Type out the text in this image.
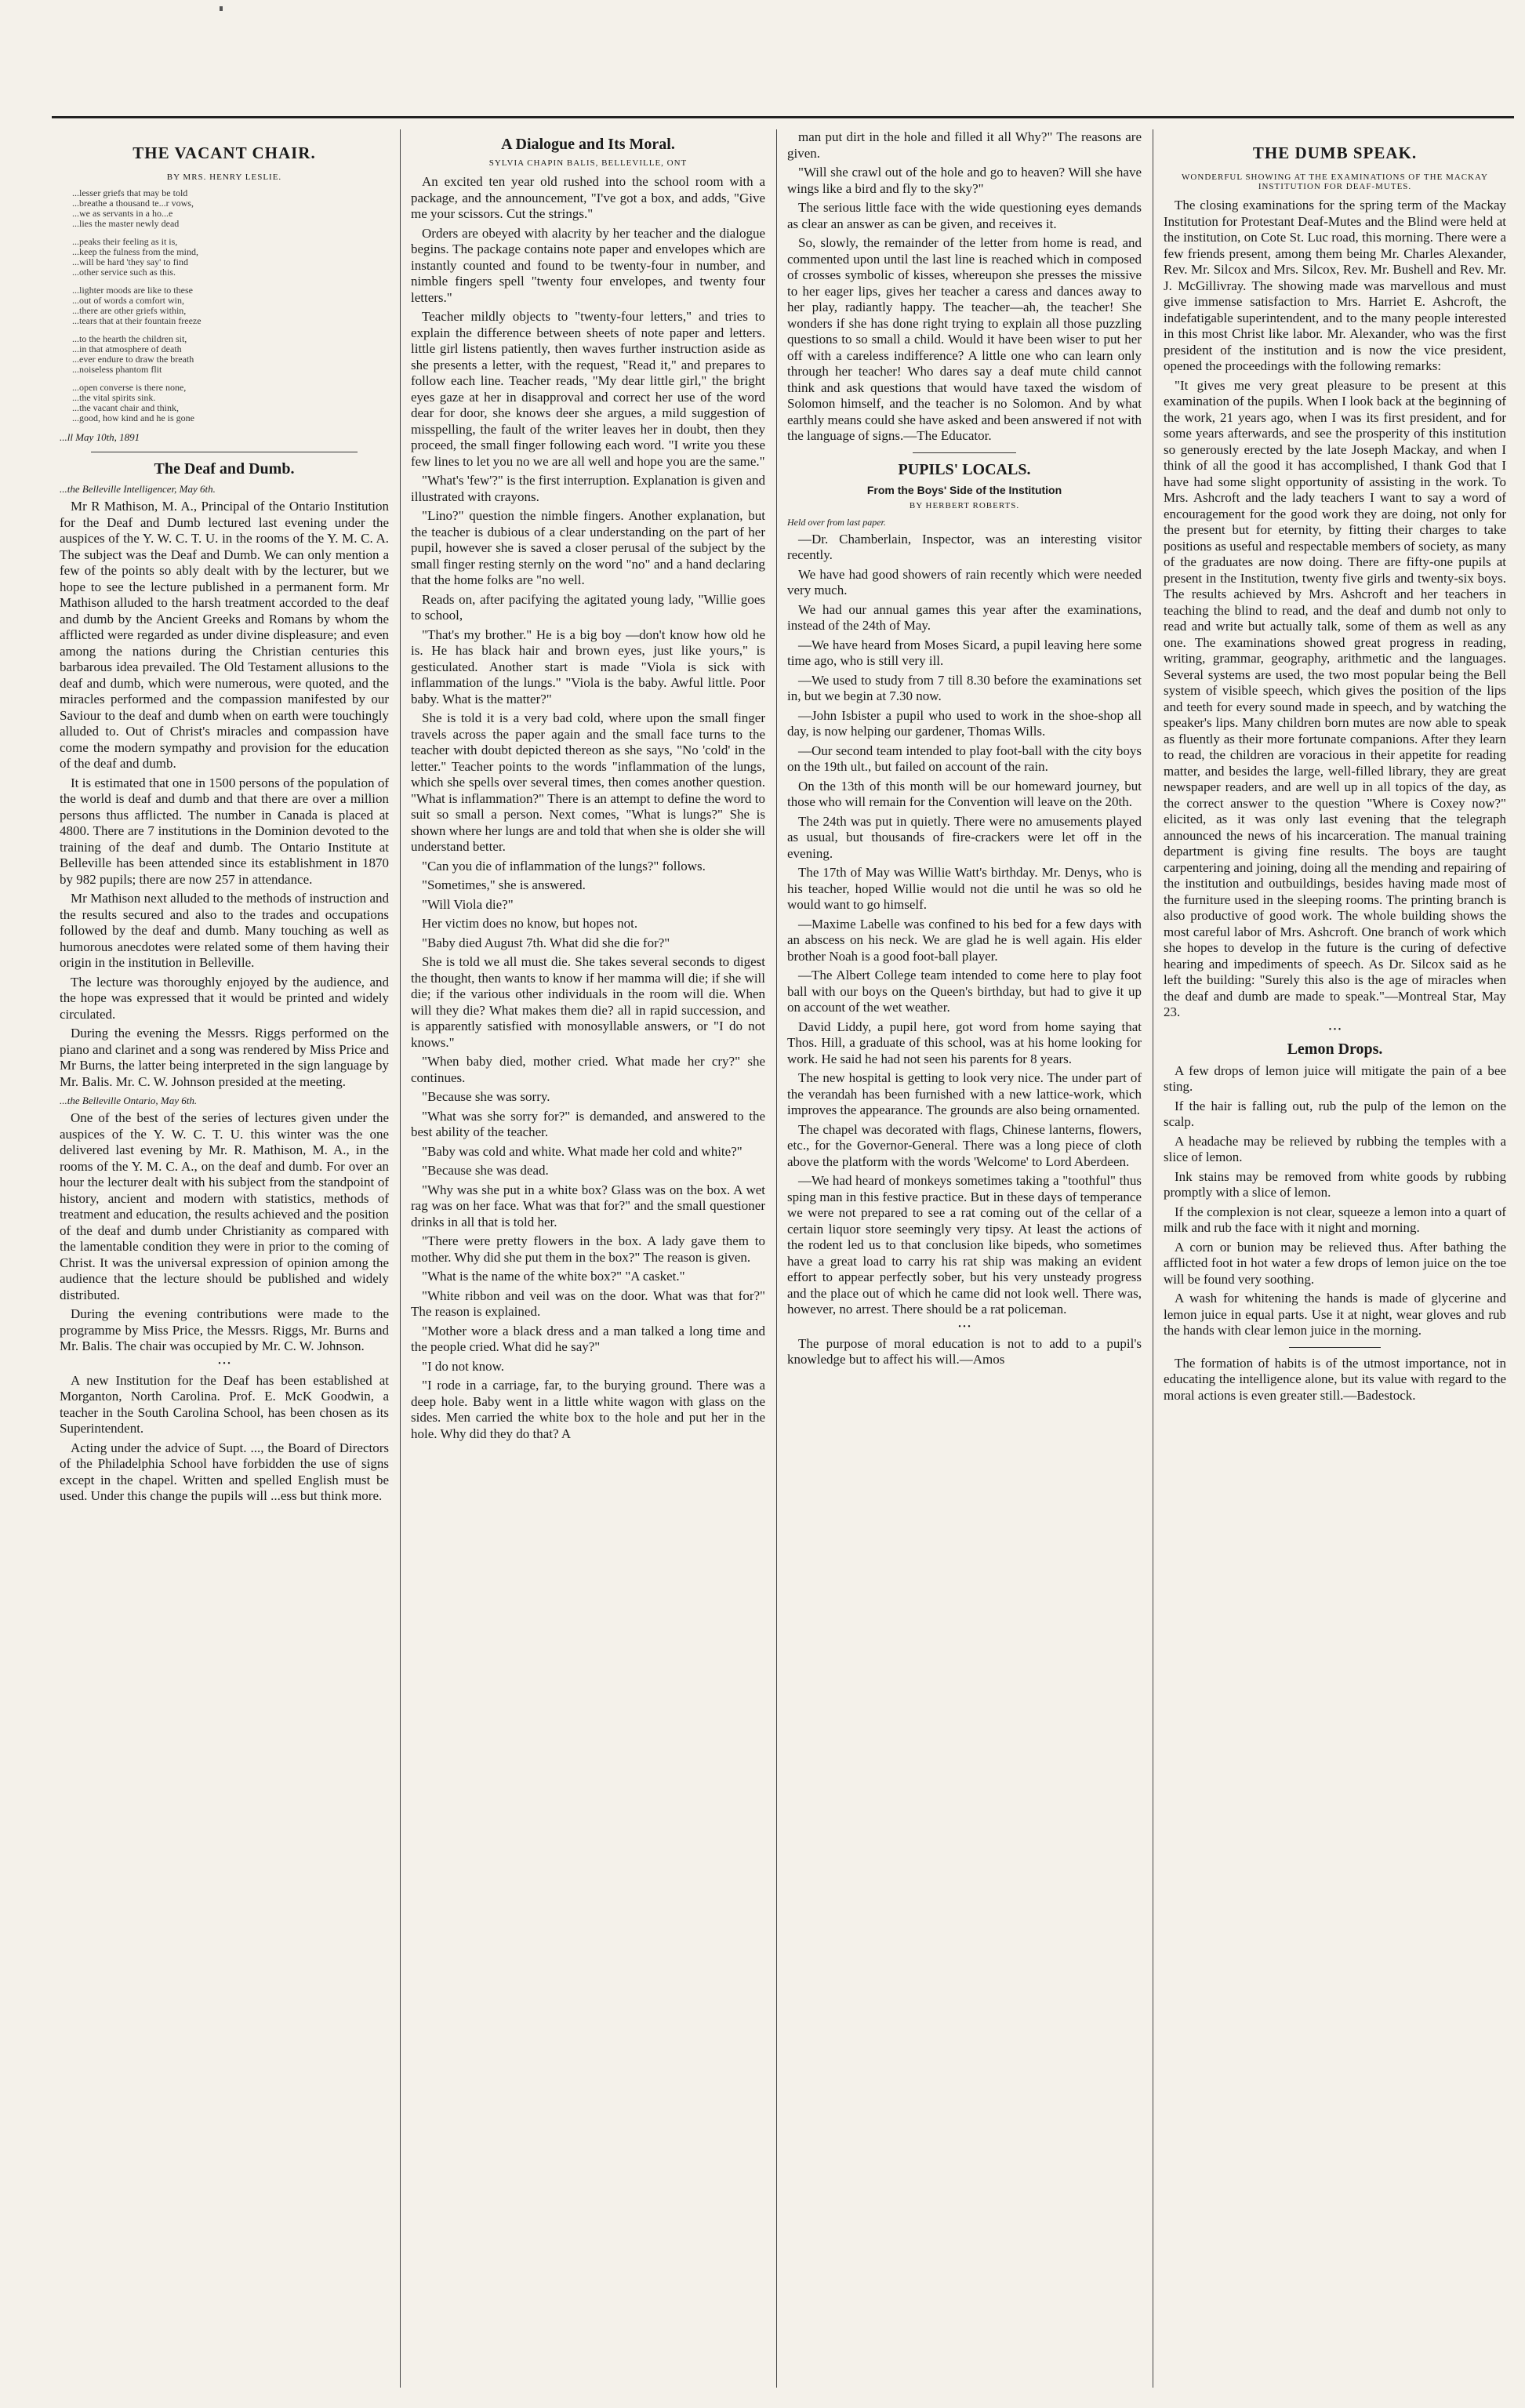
THE VACANT CHAIR.
BY MRS. HENRY LESLIE.
...lesser griefs that may be told
...breathe a thousand te...r vows,
...we as servants in a ho...e
...lies the master newly dead
...peaks their feeling as it is,
...keep the fulness from the mind,
...will be hard 'they say' to find
...other service such as this.
...lighter moods are like to these
...out of words a comfort win,
...there are other griefs within,
...tears that at their fountain freeze
...to the hearth the children sit,
...in that atmosphere of death
...ever endure to draw the breath
...noiseless phantom flit
...open converse is there none,
...the vital spirits sink.
...the vacant chair and think,
...good, how kind and he is gone
...ll May 10th, 1891
The Deaf and Dumb.
...the Belleville Intelligencer, May 6th.

Mr R Mathison, M. A., Principal of the Ontario Institution for the Deaf and Dumb lectured last evening under the auspices of the Y. W. C. T. U. in the rooms of the Y. M. C. A. The subject was the Deaf and Dumb. We can only mention a few of the points so ably dealt with by the lecturer, but we hope to see the lecture published in a permanent form. Mr Mathison alluded to the harsh treatment accorded to the deaf and dumb by the Ancient Greeks and Romans by whom the afflicted were regarded as under divine displeasure; and even among the nations during the Christian centuries this barbarous idea prevailed. The Old Testament allusions to the deaf and dumb, which were numerous, were quoted, and the miracles performed and the compassion manifested by our Saviour to the deaf and dumb when on earth were touchingly alluded to. Out of Christ's miracles and compassion have come the modern sympathy and provision for the education of the deaf and dumb.

It is estimated that one in 1500 persons of the population of the world is deaf and dumb and that there are over a million persons thus afflicted. The number in Canada is placed at 4800. There are 7 institutions in the Dominion devoted to the training of the deaf and dumb. The Ontario Institute at Belleville has been attended since its establishment in 1870 by 982 pupils; there are now 257 in attendance.

Mr Mathison next alluded to the methods of instruction and the results secured and also to the trades and occupations followed by the deaf and dumb. Many touching as well as humorous anecdotes were related some of them having their origin in the institution in Belleville.

The lecture was thoroughly enjoyed by the audience, and the hope was expressed that it would be printed and widely circulated.

During the evening the Messrs. Riggs performed on the piano and clarinet and a song was rendered by Miss Price and Mr Burns, the latter being interpreted in the sign language by Mr. Balis. Mr. C. W. Johnson presided at the meeting.

...the Belleville Ontario, May 6th.

One of the best of the series of lectures given under the auspices of the Y. W. C. T. U. this winter was the one delivered last evening by Mr. R. Mathison, M. A., in the rooms of the Y. M. C. A., on the deaf and dumb. For over an hour the lecturer dealt with his subject from the standpoint of history, ancient and modern with statistics, methods of treatment and education, the results achieved and the position of the deaf and dumb under Christianity as compared with the lamentable condition they were in prior to the coming of Christ. It was the universal expression of opinion among the audience that the lecture should be published and widely distributed.

During the evening contributions were made to the programme by Miss Price, the Messrs. Riggs, Mr. Burns and Mr. Balis. The chair was occupied by Mr. C. W. Johnson.

• • •

A new Institution for the Deaf has been established at Morganton, North Carolina. Prof. E. McK Goodwin, a teacher in the South Carolina School, has been chosen as its Superintendent.

Acting under the advice of Supt. ..., the Board of Directors of the Philadelphia School have forbidden the use of signs except in the chapel. Written and spelled English must be used. Under this change the pupils will ...ess but think more.

A Dialogue and Its Moral.
SYLVIA CHAPIN BALIS, BELLEVILLE, ONT

An excited ten year old rushed into the school room with a package, and the announcement, "I've got a box, and adds, "Give me your scissors. Cut the strings."

Orders are obeyed with alacrity by her teacher and the dialogue begins. The package contains note paper and envelopes which are instantly counted and found to be twenty-four in number, and nimble fingers spell "twenty four envelopes, and twenty four letters."

Teacher mildly objects to "twenty-four letters," and tries to explain the difference between sheets of note paper and letters. little girl listens patiently, then waves further instruction aside as she presents a letter, with the request, "Read it," and prepares to follow each line. Teacher reads, "My dear little girl," the bright eyes gaze at her in disapproval and correct her use of the word dear for door, she knows deer she argues, a mild suggestion of misspelling, the fault of the writer leaves her in doubt, then they proceed, the small finger following each word. "I write you these few lines to let you no we are all well and hope you are the same."

"What's 'few'?" is the first interruption. Explanation is given and illustrated with crayons.

"Lino?" question the nimble fingers. Another explanation, but the teacher is dubious of a clear understanding on the part of her pupil, however she is saved a closer perusal of the subject by the small finger resting sternly on the word "no" and a hand declaring that the home folks are "no well.

Reads on, after pacifying the agitated young lady, "Willie goes to school,

"That's my brother." He is a big boy —don't know how old he is. He has black hair and brown eyes, just like yours," is gesticulated. Another start is made "Viola is sick with inflammation of the lungs." "Viola is the baby. Awful little. Poor baby. What is the matter?"

She is told it is a very bad cold, where upon the small finger travels across the paper again and the small face turns to the teacher with doubt depicted thereon as she says, "No 'cold' in the letter." Teacher points to the words "inflammation of the lungs, which she spells over several times, then comes another question. "What is inflammation?" There is an attempt to define the word to suit so small a person. Next comes, "What is lungs?" She is shown where her lungs are and told that when she is older she will understand better.

"Can you die of inflammation of the lungs?" follows.

"Sometimes," she is answered.

"Will Viola die?"

Her victim does no know, but hopes not.

"Baby died August 7th. What did she die for?"

She is told we all must die. She takes several seconds to digest the thought, then wants to know if her mamma will die; if she will die; if the various other individuals in the room will die. When will they die? What makes them die? all in rapid succession, and is apparently satisfied with monosyllable answers, or "I do not knows."

"When baby died, mother cried. What made her cry?" she continues.

"Because she was sorry.

"What was she sorry for?" is demanded, and answered to the best ability of the teacher.

"Baby was cold and white. What made her cold and white?"

"Because she was dead.

"Why was she put in a white box? Glass was on the box. A wet rag was on her face. What was that for?" and the small questioner drinks in all that is told her.

"There were pretty flowers in the box. A lady gave them to mother. Why did she put them in the box?" The reason is given.

"What is the name of the white box?" "A casket."

"White ribbon and veil was on the door. What was that for?" The reason is explained.

"Mother wore a black dress and a man talked a long time and the people cried. What did he say?"

"I do not know.

"I rode in a carriage, far, to the burying ground. There was a deep hole. Baby went in a little white wagon with glass on the sides. Men carried the white box to the hole and put her in the hole. Why did they do that? A

man put dirt in the hole and filled it all Why?" The reasons are given.

"Will she crawl out of the hole and go to heaven? Will she have wings like a bird and fly to the sky?"

The serious little face with the wide questioning eyes demands as clear an answer as can be given, and receives it.

So, slowly, the remainder of the letter from home is read, and commented upon until the last line is reached which in composed of crosses symbolic of kisses, whereupon she presses the missive to her eager lips, gives her teacher a caress and dances away to her play, radiantly happy. The teacher—ah, the teacher! She wonders if she has done right trying to explain all those puzzling questions to so small a child. Would it have been wiser to put her off with a careless indifference? A little one who can learn only through her teacher! Who dares say a deaf mute child cannot think and ask questions that would have taxed the wisdom of Solomon himself, and the teacher is no Solomon. And by what earthly means could she have asked and been answered if not with the language of signs.—The Educator.

PUPILS' LOCALS.
From the Boys' Side of the Institution
BY HERBERT ROBERTS.
Held over from last paper.

—Dr. Chamberlain, Inspector, was an interesting visitor recently.

We have had good showers of rain recently which were needed very much.

We had our annual games this year after the examinations, instead of the 24th of May.

—We have heard from Moses Sicard, a pupil leaving here some time ago, who is still very ill.

—We used to study from 7 till 8.30 before the examinations set in, but we begin at 7.30 now.

—John Isbister a pupil who used to work in the shoe-shop all day, is now helping our gardener, Thomas Wills.

—Our second team intended to play foot-ball with the city boys on the 19th ult., but failed on account of the rain.

On the 13th of this month will be our homeward journey, but those who will remain for the Convention will leave on the 20th.

The 24th was put in quietly. There were no amusements played as usual, but thousands of fire-crackers were let off in the evening.

The 17th of May was Willie Watt's birthday. Mr. Denys, who is his teacher, hoped Willie would not die until he was so old he would want to go himself.

—Maxime Labelle was confined to his bed for a few days with an abscess on his neck. We are glad he is well again. His elder brother Noah is a good foot-ball player.

—The Albert College team intended to come here to play foot ball with our boys on the Queen's birthday, but had to give it up on account of the wet weather.

David Liddy, a pupil here, got word from home saying that Thos. Hill, a graduate of this school, was at his home looking for work. He said he had not seen his parents for 8 years.

The new hospital is getting to look very nice. The under part of the verandah has been furnished with a new lattice-work, which improves the appearance. The grounds are also being ornamented.

The chapel was decorated with flags, Chinese lanterns, flowers, etc., for the Governor-General. There was a long piece of cloth above the platform with the words 'Welcome' to Lord Aberdeen.

—We had heard of monkeys sometimes taking a "toothful" thus sping man in this festive practice. But in these days of temperance we were not prepared to see a rat coming out of the cellar of a certain liquor store seemingly very tipsy. At least the actions of the rodent led us to that conclusion like bipeds, who sometimes have a great load to carry his rat ship was making an evident effort to appear perfectly sober, but his very unsteady progress and the place out of which he came did not look well. There was, however, no arrest. There should be a rat policeman.

• • •

The purpose of moral education is not to add to a pupil's knowledge but to affect his will.—Amos

THE DUMB SPEAK.
WONDERFUL SHOWING AT THE EXAMINATIONS OF THE MACKAY INSTITUTION FOR DEAF-MUTES.

The closing examinations for the spring term of the Mackay Institution for Protestant Deaf-Mutes and the Blind were held at the institution, on Cote St. Luc road, this morning. There were a few friends present, among them being Mr. Charles Alexander, Rev. Mr. Silcox and Mrs. Silcox, Rev. Mr. Bushell and Rev. Mr. J. McGillivray. The showing made was marvellous and must give immense satisfaction to Mrs. Harriet E. Ashcroft, the indefatigable superintendent, and to the many people interested in this most Christ like labor. Mr. Alexander, who was the first president of the institution and is now the vice president, opened the proceedings with the following remarks:

"It gives me very great pleasure to be present at this examination of the pupils. When I look back at the beginning of the work, 21 years ago, when I was its first president, and for some years afterwards, and see the prosperity of this institution so generously erected by the late Joseph Mackay, and when I think of all the good it has accomplished, I thank God that I have had some slight opportunity of assisting in the work. To Mrs. Ashcroft and the lady teachers I want to say a word of encouragement for the good work they are doing, not only for the present but for eternity, by fitting their charges to take positions as useful and respectable members of society, as many of the graduates are now doing. There are fifty-one pupils at present in the Institution, twenty five girls and twenty-six boys. The results achieved by Mrs. Ashcroft and her teachers in teaching the blind to read, and the deaf and dumb not only to read and write but actually talk, some of them as well as any one. The examinations showed great progress in reading, writing, grammar, geography, arithmetic and the languages. Several systems are used, the two most popular being the Bell system of visible speech, which gives the position of the lips and teeth for every sound made in speech, and by watching the speaker's lips. Many children born mutes are now able to speak as fluently as their more fortunate companions. After they learn to read, the children are voracious in their appetite for reading matter, and besides the large, well-filled library, they are great newspaper readers, and are well up in all topics of the day, as the correct answer to the question "Where is Coxey now?" elicited, as it was only last evening that the telegraph announced the news of his incarceration. The manual training department is giving fine results. The boys are taught carpentering and joining, doing all the mending and repairing of the institution and outbuildings, besides having made most of the furniture used in the sleeping rooms. The printing branch is also productive of good work. The whole building shows the most careful labor of Mrs. Ashcroft. One branch of work which she hopes to develop in the future is the curing of defective hearing and impediments of speech. As Dr. Silcox said as he left the building: "Surely this also is the age of miracles when the deaf and dumb are made to speak."—Montreal Star, May 23.

• • •
Lemon Drops.

A few drops of lemon juice will mitigate the pain of a bee sting.

If the hair is falling out, rub the pulp of the lemon on the scalp.

A headache may be relieved by rubbing the temples with a slice of lemon.

Ink stains may be removed from white goods by rubbing promptly with a slice of lemon.

If the complexion is not clear, squeeze a lemon into a quart of milk and rub the face with it night and morning.

A corn or bunion may be relieved thus. After bathing the afflicted foot in hot water a few drops of lemon juice on the toe will be found very soothing.

A wash for whitening the hands is made of glycerine and lemon juice in equal parts. Use it at night, wear gloves and rub the hands with clear lemon juice in the morning.

The formation of habits is of the utmost importance, not in educating the intelligence alone, but its value with regard to the moral actions is even greater still.—Badestock.
